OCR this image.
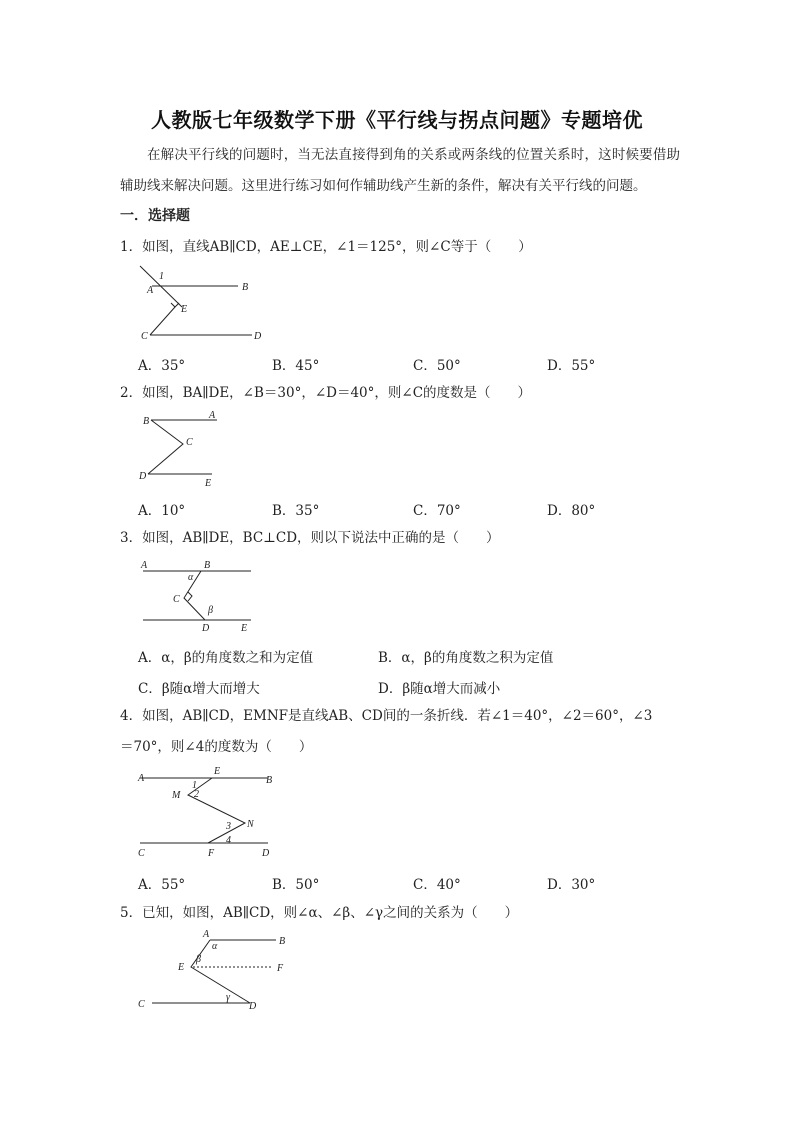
人教版七年级数学下册《平行线与拐点问题》专题培优
在解决平行线的问题时，当无法直接得到角的关系或两条线的位置关系时，这时候要借助辅助线来解决问题。这里进行练习如何作辅助线产生新的条件，解决有关平行线的问题。
一．选择题
1．如图，直线AB∥CD，AE⊥CE，∠1＝125°，则∠C等于（　　）
1
A	B
E
C	D
A．35°	B．45°	C．50°	D．55°
2．如图，BA∥DE，∠B＝30°，∠D＝40°，则∠C的度数是（　　）
B
A
C
D
E
A．10°	B．35°	C．70°	D．80°
3．如图，AB∥DE，BC⊥CD，则以下说法中正确的是（　　）
A	B
α
C
β
D	E
A．α，β的角度数之和为定值	B．α，β的角度数之积为定值
C．β随α增大而增大	D．β随α增大而减小
4．如图，AB∥CD，EMNF是直线AB、CD间的一条折线．若∠1＝40°，∠2＝60°，∠3
＝70°，则∠4的度数为（　　）
A
E
B
1
M 2
N
3
4
C	F	D
A．55°	B．50°	C．40°	D．30°
5．已知，如图，AB∥CD，则∠α、∠β、∠γ之间的关系为（　　）
A
B
α
E
β
F
γ
C	D
